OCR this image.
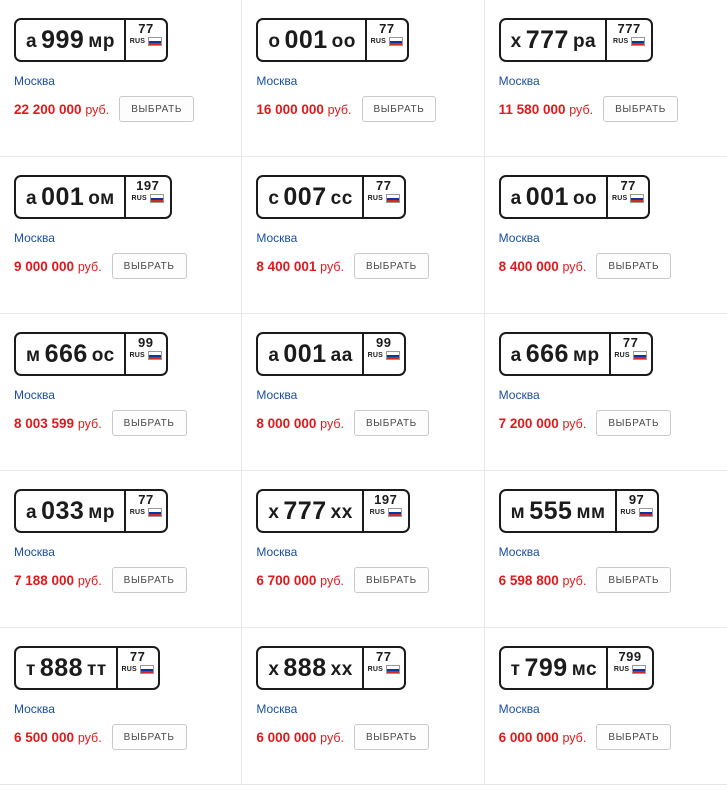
а 999 мр
77
RUS
Москва
22 200 000 руб.	ВЫБРАТЬ
о 001 оо
77
RUS
Москва
16 000 000 руб.	ВЫБРАТЬ
х 777 ра
777
RUS
Москва
11 580 000 руб.	ВЫБРАТЬ
а 001 ом
197
RUS
Москва
9 000 000 руб.	ВЫБРАТЬ
с 007 сс
77
RUS
Москва
8 400 001 руб.	ВЫБРАТЬ
а 001 оо
77
RUS
Москва
8 400 000 руб.	ВЫБРАТЬ
м 666 ос
99
RUS
Москва
8 003 599 руб.	ВЫБРАТЬ
а 001 аа
99
RUS
Москва
8 000 000 руб.	ВЫБРАТЬ
а 666 мр
77
RUS
Москва
7 200 000 руб.	ВЫБРАТЬ
а 033 мр
77
RUS
Москва
7 188 000 руб.	ВЫБРАТЬ
х 777 хх
197
RUS
Москва
6 700 000 руб.	ВЫБРАТЬ
м 555 мм
97
RUS
Москва
6 598 800 руб.	ВЫБРАТЬ
т 888 тт
77
RUS
Москва
6 500 000 руб.	ВЫБРАТЬ
х 888 хх
77
RUS
Москва
6 000 000 руб.	ВЫБРАТЬ
т 799 мс
799
RUS
Москва
6 000 000 руб.	ВЫБРАТЬ
